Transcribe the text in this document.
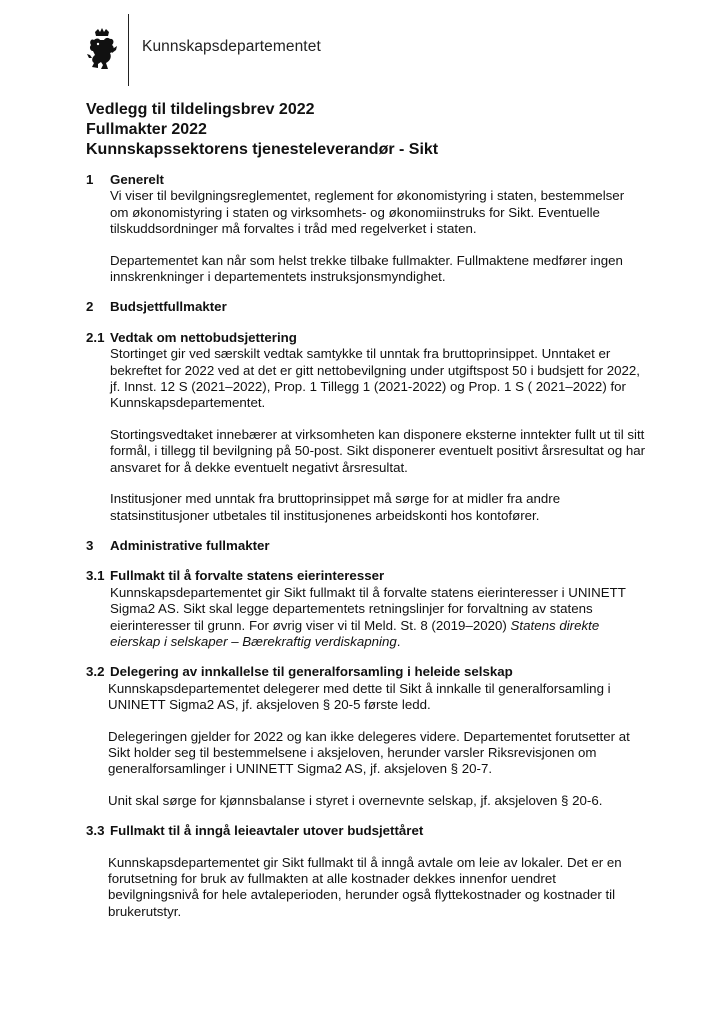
Kunnskapsdepartementet
Vedlegg til tildelingsbrev 2022
Fullmakter 2022
Kunnskapssektorens tjenesteleverandør - Sikt
1	Generelt
Vi viser til bevilgningsreglementet, reglement for økonomistyring i staten, bestemmelser om økonomistyring i staten og virksomhets- og økonomiinstruks for Sikt. Eventuelle tilskuddsordninger må forvaltes i tråd med regelverket i staten.
Departementet kan når som helst trekke tilbake fullmakter. Fullmaktene medfører ingen innskrenkninger i departementets instruksjonsmyndighet.
2	Budsjettfullmakter
2.1 Vedtak om nettobudsjettering
Stortinget gir ved særskilt vedtak samtykke til unntak fra bruttoprinsippet. Unntaket er bekreftet for 2022 ved at det er gitt nettobevilgning under utgiftspost 50 i budsjett for 2022, jf. Innst. 12 S (2021–2022), Prop. 1 Tillegg 1 (2021-2022) og Prop. 1 S ( 2021–2022) for Kunnskapsdepartementet.
Stortingsvedtaket innebærer at virksomheten kan disponere eksterne inntekter fullt ut til sitt formål, i tillegg til bevilgning på 50-post. Sikt disponerer eventuelt positivt årsresultat og har ansvaret for å dekke eventuelt negativt årsresultat.
Institusjoner med unntak fra bruttoprinsippet må sørge for at midler fra andre statsinstitusjoner utbetales til institusjonenes arbeidskonti hos kontofører.
3	Administrative fullmakter
3.1 Fullmakt til å forvalte statens eierinteresser
Kunnskapsdepartementet gir Sikt fullmakt til å forvalte statens eierinteresser i UNINETT Sigma2 AS. Sikt skal legge departementets retningslinjer for forvaltning av statens eierinteresser til grunn. For øvrig viser vi til Meld. St. 8 (2019–2020) Statens direkte eierskap i selskaper – Bærekraftig verdiskapning.
3.2 Delegering av innkallelse til generalforsamling i heleide selskap
Kunnskapsdepartementet delegerer med dette til Sikt å innkalle til generalforsamling i UNINETT Sigma2 AS, jf. aksjeloven § 20-5 første ledd.
Delegeringen gjelder for 2022 og kan ikke delegeres videre. Departementet forutsetter at Sikt holder seg til bestemmelsene i aksjeloven, herunder varsler Riksrevisjonen om generalforsamlinger i UNINETT Sigma2 AS, jf. aksjeloven § 20-7.
Unit skal sørge for kjønnsbalanse i styret i overnevnte selskap, jf. aksjeloven § 20-6.
3.3 Fullmakt til å inngå leieavtaler utover budsjettåret
Kunnskapsdepartementet gir Sikt fullmakt til å inngå avtale om leie av lokaler. Det er en forutsetning for bruk av fullmakten at alle kostnader dekkes innenfor uendret bevilgningsnivå for hele avtaleperioden, herunder også flyttekostnader og kostnader til brukerutstyr.
